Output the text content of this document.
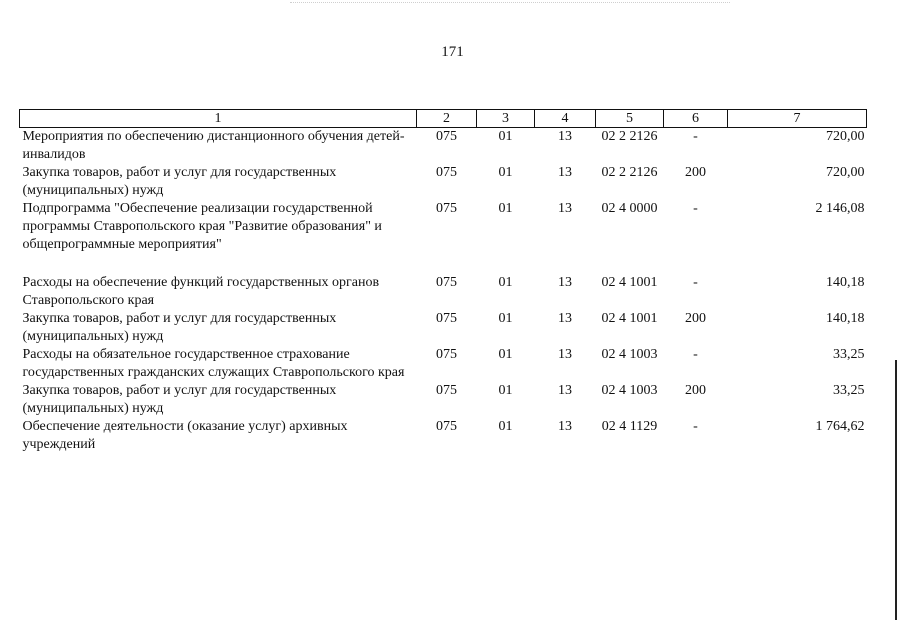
171
1	2	3	4	5	6	7
Мероприятия по обеспечению дистанционного обучения детей-инвалидов	075	01	13	02 2 2126	-	720,00
Закупка товаров, работ и услуг для государственных (муниципальных) нужд	075	01	13	02 2 2126	200	720,00
Подпрограмма "Обеспечение реализации государственной программы Ставропольского края "Развитие образования" и общепрограммные мероприятия"	075	01	13	02 4 0000	-	2 146,08

Расходы на обеспечение функций государственных органов Ставропольского края	075	01	13	02 4 1001	-	140,18
Закупка товаров, работ и услуг для государственных (муниципальных) нужд	075	01	13	02 4 1001	200	140,18
Расходы на обязательное государственное страхование государственных гражданских служащих Ставропольского края	075	01	13	02 4 1003	-	33,25
Закупка товаров, работ и услуг для государственных (муниципальных) нужд	075	01	13	02 4 1003	200	33,25
Обеспечение деятельности (оказание услуг) архивных учреждений	075	01	13	02 4 1129	-	1 764,62
